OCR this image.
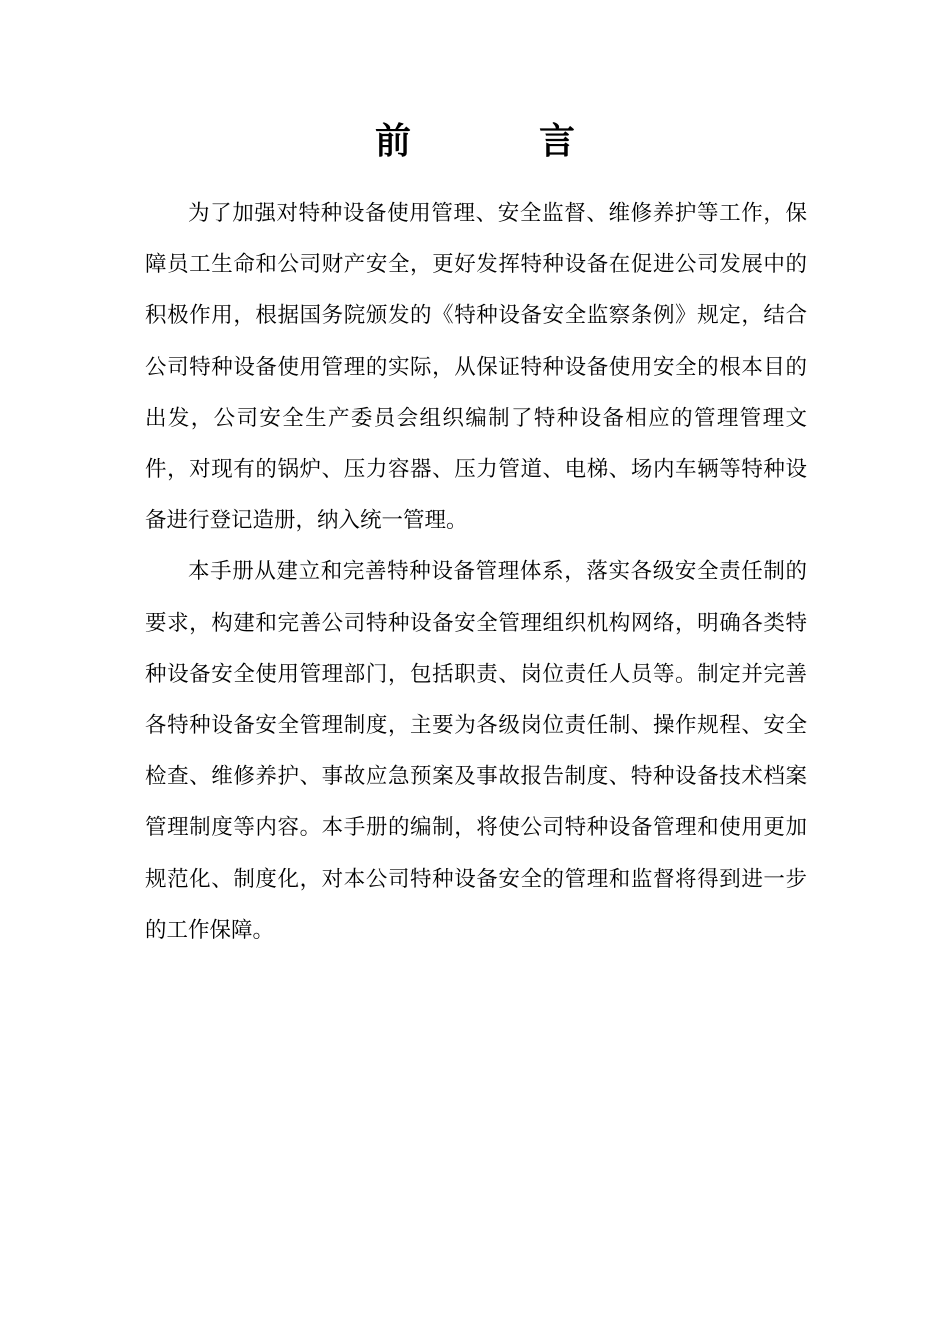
前　言

为了加强对特种设备使用管理、安全监督、维修养护等工作，保障员工生命和公司财产安全，更好发挥特种设备在促进公司发展中的积极作用，根据国务院颁发的《特种设备安全监察条例》规定，结合公司特种设备使用管理的实际，从保证特种设备使用安全的根本目的出发，公司安全生产委员会组织编制了特种设备相应的管理管理文件，对现有的锅炉、压力容器、压力管道、电梯、场内车辆等特种设备进行登记造册，纳入统一管理。

本手册从建立和完善特种设备管理体系，落实各级安全责任制的要求，构建和完善公司特种设备安全管理组织机构网络，明确各类特种设备安全使用管理部门，包括职责、岗位责任人员等。制定并完善各特种设备安全管理制度，主要为各级岗位责任制、操作规程、安全检查、维修养护、事故应急预案及事故报告制度、特种设备技术档案管理制度等内容。本手册的编制，将使公司特种设备管理和使用更加规范化、制度化，对本公司特种设备安全的管理和监督将得到进一步的工作保障。
